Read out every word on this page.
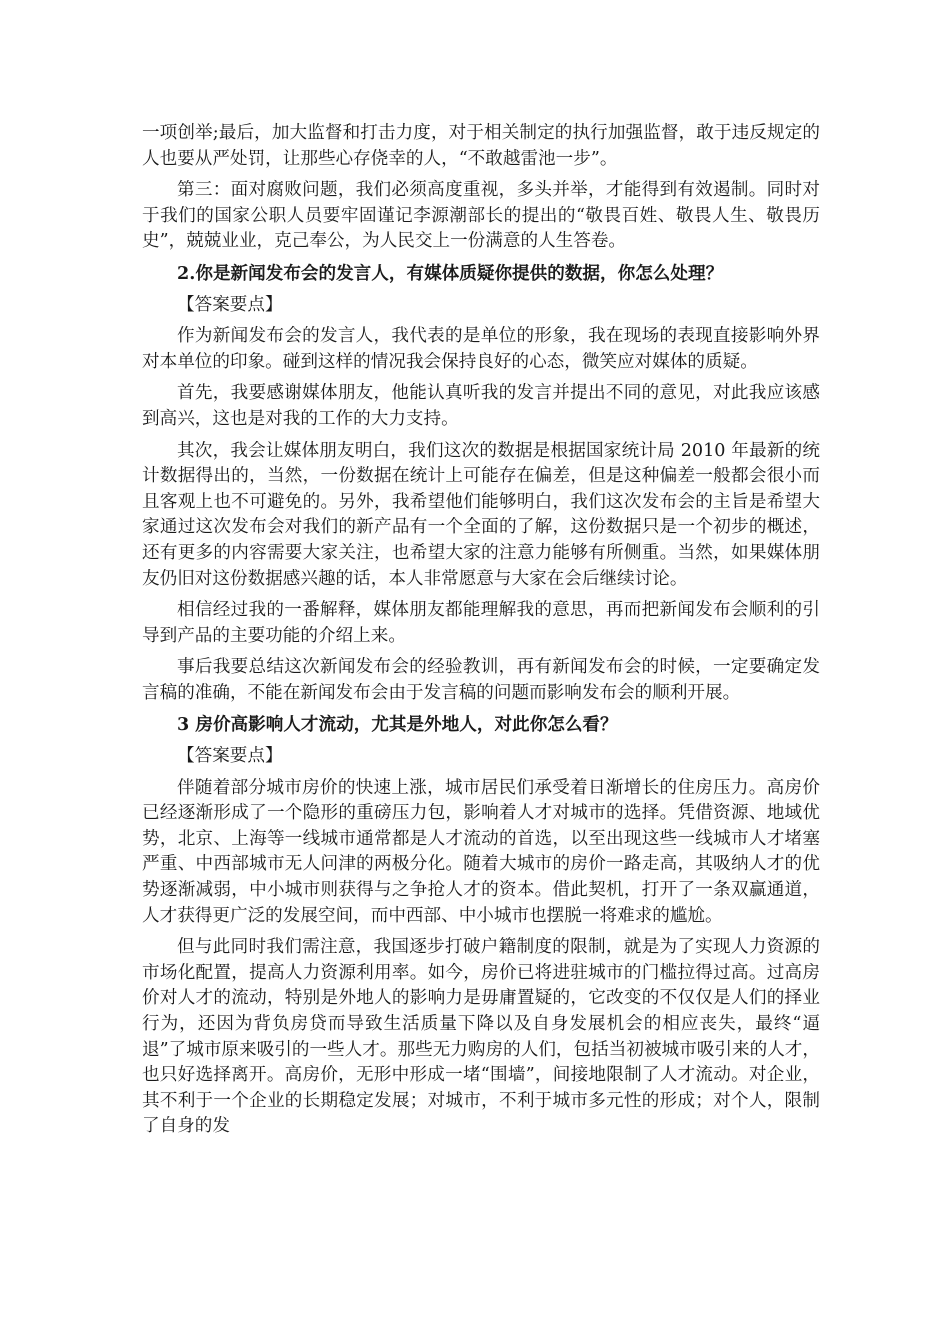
一项创举;最后，加大监督和打击力度，对于相关制定的执行加强监督，敢于违反规定的人也要从严处罚，让那些心存侥幸的人，“不敢越雷池一步”。

第三：面对腐败问题，我们必须高度重视，多头并举，才能得到有效遏制。同时对于我们的国家公职人员要牢固谨记李源潮部长的提出的“敬畏百姓、敬畏人生、敬畏历史”，兢兢业业，克己奉公，为人民交上一份满意的人生答卷。

2.你是新闻发布会的发言人，有媒体质疑你提供的数据，你怎么处理？

【答案要点】

作为新闻发布会的发言人，我代表的是单位的形象，我在现场的表现直接影响外界对本单位的印象。碰到这样的情况我会保持良好的心态，微笑应对媒体的质疑。

首先，我要感谢媒体朋友，他能认真听我的发言并提出不同的意见，对此我应该感到高兴，这也是对我的工作的大力支持。

其次，我会让媒体朋友明白，我们这次的数据是根据国家统计局 2010 年最新的统计数据得出的，当然，一份数据在统计上可能存在偏差，但是这种偏差一般都会很小而且客观上也不可避免的。另外，我希望他们能够明白，我们这次发布会的主旨是希望大家通过这次发布会对我们的新产品有一个全面的了解，这份数据只是一个初步的概述，还有更多的内容需要大家关注，也希望大家的注意力能够有所侧重。当然，如果媒体朋友仍旧对这份数据感兴趣的话，本人非常愿意与大家在会后继续讨论。

相信经过我的一番解释，媒体朋友都能理解我的意思，再而把新闻发布会顺利的引导到产品的主要功能的介绍上来。

事后我要总结这次新闻发布会的经验教训，再有新闻发布会的时候，一定要确定发言稿的准确，不能在新闻发布会由于发言稿的问题而影响发布会的顺利开展。

3 房价高影响人才流动，尤其是外地人，对此你怎么看？

【答案要点】

伴随着部分城市房价的快速上涨，城市居民们承受着日渐增长的住房压力。高房价已经逐渐形成了一个隐形的重磅压力包，影响着人才对城市的选择。凭借资源、地域优势，北京、上海等一线城市通常都是人才流动的首选，以至出现这些一线城市人才堵塞严重、中西部城市无人问津的两极分化。随着大城市的房价一路走高，其吸纳人才的优势逐渐减弱，中小城市则获得与之争抢人才的资本。借此契机，打开了一条双赢通道，人才获得更广泛的发展空间，而中西部、中小城市也摆脱一将难求的尴尬。

但与此同时我们需注意，我国逐步打破户籍制度的限制，就是为了实现人力资源的市场化配置，提高人力资源利用率。如今，房价已将进驻城市的门槛拉得过高。过高房价对人才的流动，特别是外地人的影响力是毋庸置疑的，它改变的不仅仅是人们的择业行为，还因为背负房贷而导致生活质量下降以及自身发展机会的相应丧失，最终“逼退”了城市原来吸引的一些人才。那些无力购房的人们，包括当初被城市吸引来的人才，也只好选择离开。高房价，无形中形成一堵“围墙”，间接地限制了人才流动。对企业，其不利于一个企业的长期稳定发展；对城市，不利于城市多元性的形成；对个人，限制了自身的发
